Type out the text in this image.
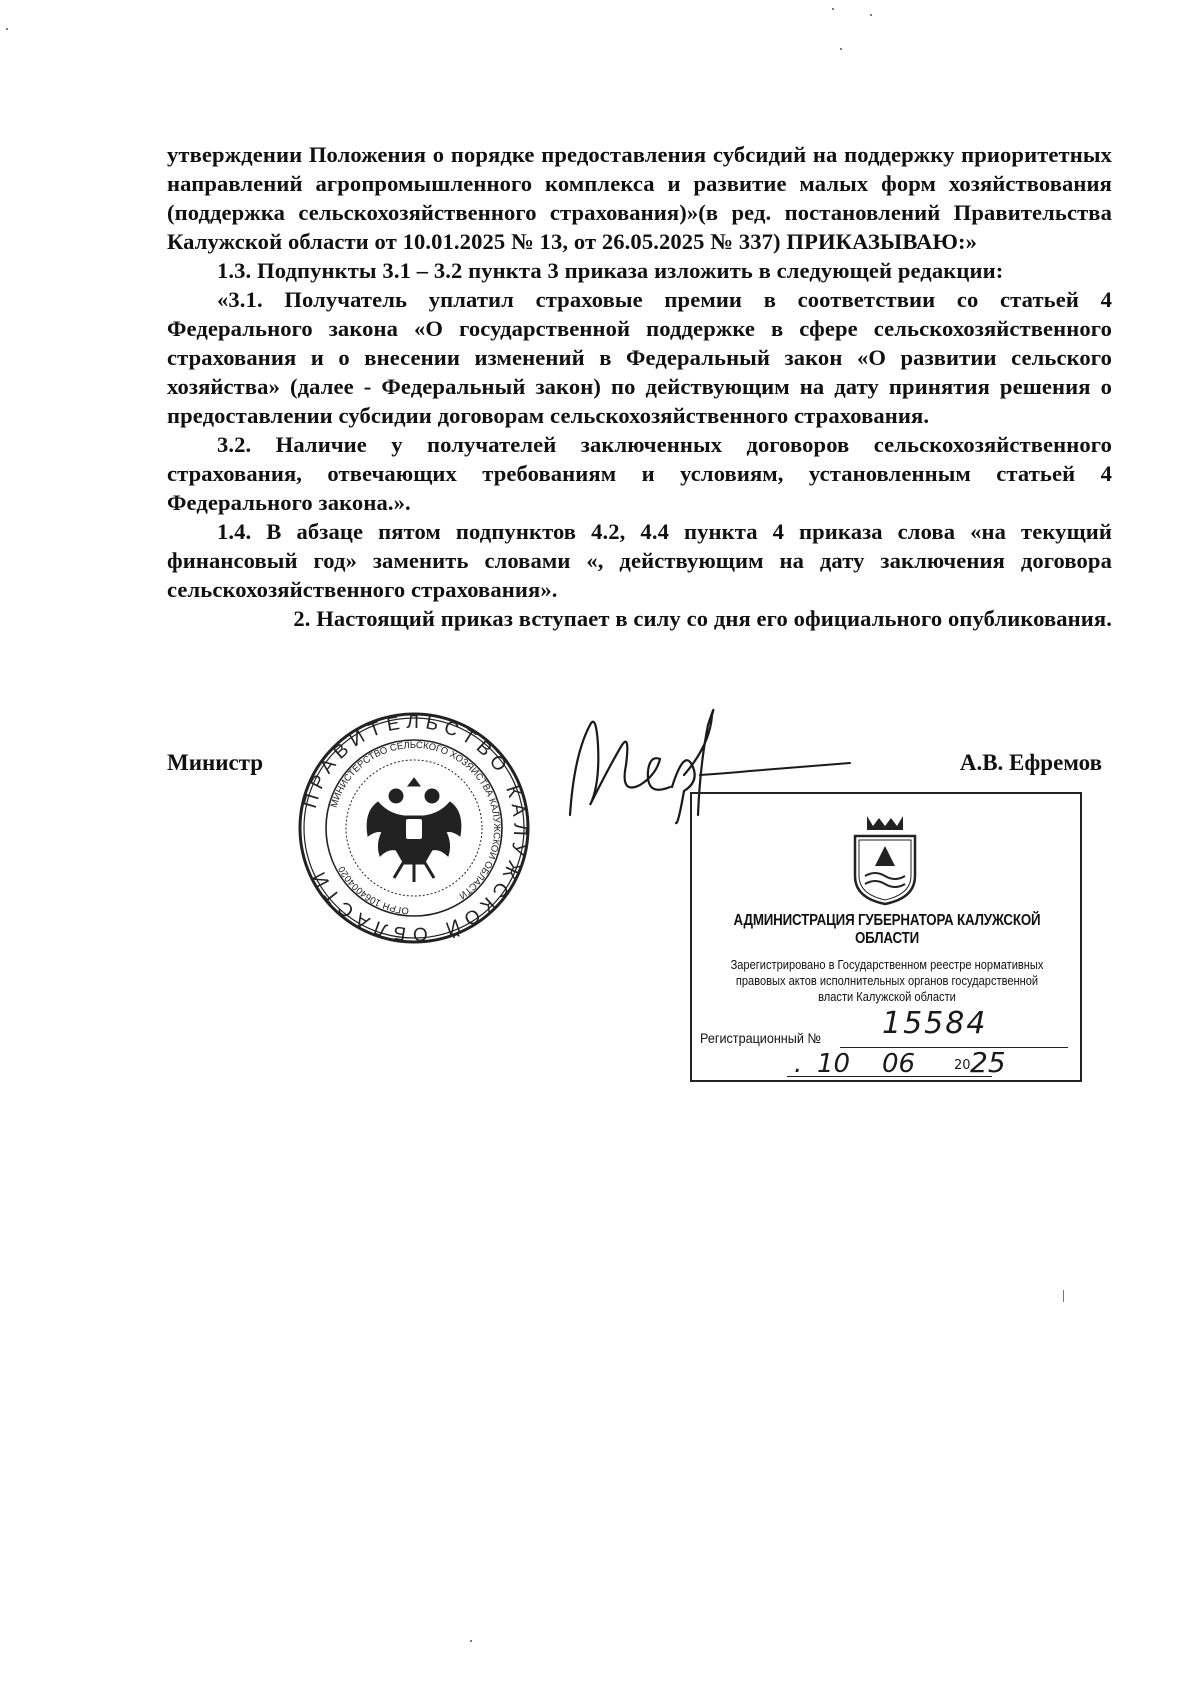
утверждении Положения о порядке предоставления субсидий на поддержку приоритетных направлений агропромышленного комплекса и развитие малых форм хозяйствования (поддержка сельскохозяйственного страхования)»(в ред. постановлений Правительства Калужской области от 10.01.2025 № 13, от 26.05.2025 № 337) ПРИКАЗЫВАЮ:»

1.3. Подпункты 3.1 – 3.2 пункта 3 приказа изложить в следующей редакции:

«3.1. Получатель уплатил страховые премии в соответствии со статьей 4 Федерального закона «О государственной поддержке в сфере сельскохозяйственного страхования и о внесении изменений в Федеральный закон «О развитии сельского хозяйства» (далее - Федеральный закон) по действующим на дату принятия решения о предоставлении субсидии договорам сельскохозяйственного страхования.

3.2. Наличие у получателей заключенных договоров сельскохозяйственного страхования, отвечающих требованиям и условиям, установленным статьей 4 Федерального закона.».

1.4. В абзаце пятом подпунктов 4.2, 4.4 пункта 4 приказа слова «на текущий финансовый год» заменить словами «, действующим на дату заключения договора сельскохозяйственного страхования».

2. Настоящий приказ вступает в силу со дня его официального опубликования.

ПРАВИТЕЛЬСТВО КАЛУЖСКОЙ ОБЛАСТИ
МИНИСТЕРСТВО СЕЛЬСКОГО ХОЗЯЙСТВА КАЛУЖСКОЙ ОБЛАСТИ
ОГРН 1064004020
Министр	А.В. Ефремов
АДМИНИСТРАЦИЯ ГУБЕРНАТОРА КАЛУЖСКОЙ ОБЛАСТИ
Зарегистрировано в Государственном реестре нормативных правовых актов исполнительных органов государственной власти Калужской области
Регистрационный № 15584
. 10 06	20 25
